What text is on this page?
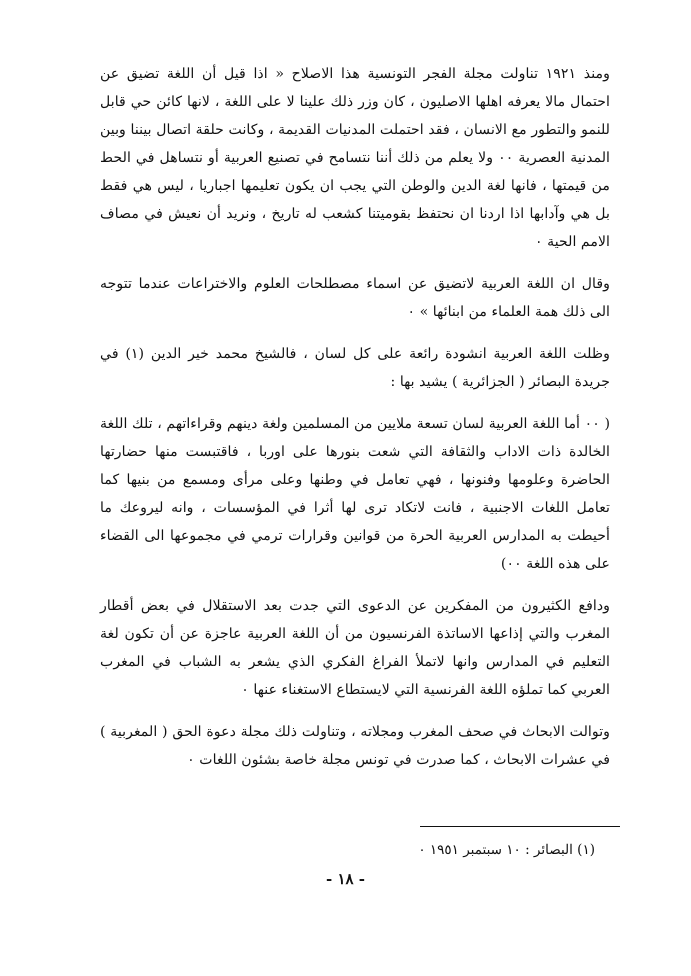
ومنذ ١٩٢١ تناولت مجلة الفجر التونسية هذا الاصلاح « اذا قيل أن اللغة تضيق عن احتمال مالا يعرفه اهلها الاصليون ، كان وزر ذلك علينا لا على اللغة ، لانها كائن حي قابل للنمو والتطور مع الانسان ، فقد احتملت المدنيات القديمة ، وكانت حلقة اتصال بيننا وبين المدنية العصرية ٠٠ ولا يعلم من ذلك أننا نتسامح في تصنيع العربية أو نتساهل في الحط من قيمتها ، فانها لغة الدين والوطن التي يجب ان يكون تعليمها اجباريا ، ليس هي فقط بل هي وآدابها اذا اردنا ان نحتفظ بقوميتنا كشعب له تاريخ ، ونريد أن نعيش في مصاف الامم الحية ٠

وقال ان اللغة العربية لاتضيق عن اسماء مصطلحات العلوم والاختراعات عندما تتوجه الى ذلك همة العلماء من ابنائها » ٠

وظلت اللغة العربية انشودة رائعة على كل لسان ، فالشيخ محمد خير الدين (١) في جريدة البصائر ( الجزائرية ) يشيد بها :

( ٠٠ أما اللغة العربية لسان تسعة ملايين من المسلمين ولغة دينهم وقراءاتهم ، تلك اللغة الخالدة ذات الاداب والثقافة التي شعت بنورها على اوربا ، فاقتبست منها حضارتها الحاضرة وعلومها وفنونها ، فهي تعامل في وطنها وعلى مرأى ومسمع من بنيها كما تعامل اللغات الاجنبية ، فانت لاتكاد ترى لها أثرا في المؤسسات ، وانه ليروعك ما أحيطت به المدارس العربية الحرة من قوانين وقرارات ترمي في مجموعها الى القضاء على هذه اللغة ٠٠)

ودافع الكثيرون من المفكرين عن الدعوى التي جدت بعد الاستقلال في بعض أقطار المغرب والتي إذاعها الاساتذة الفرنسيون من أن اللغة العربية عاجزة عن أن تكون لغة التعليم في المدارس وانها لاتملأ الفراغ الفكري الذي يشعر به الشباب في المغرب العربي كما تملؤه اللغة الفرنسية التي لايستطاع الاستغناء عنها ٠

وتوالت الابحاث في صحف المغرب ومجلاته ، وتناولت ذلك مجلة دعوة الحق ( المغربية ) في عشرات الابحاث ، كما صدرت في تونس مجلة خاصة بشئون اللغات ٠

(١) البصائر : ١٠ سبتمبر ١٩٥١ ٠
- ١٨ -
